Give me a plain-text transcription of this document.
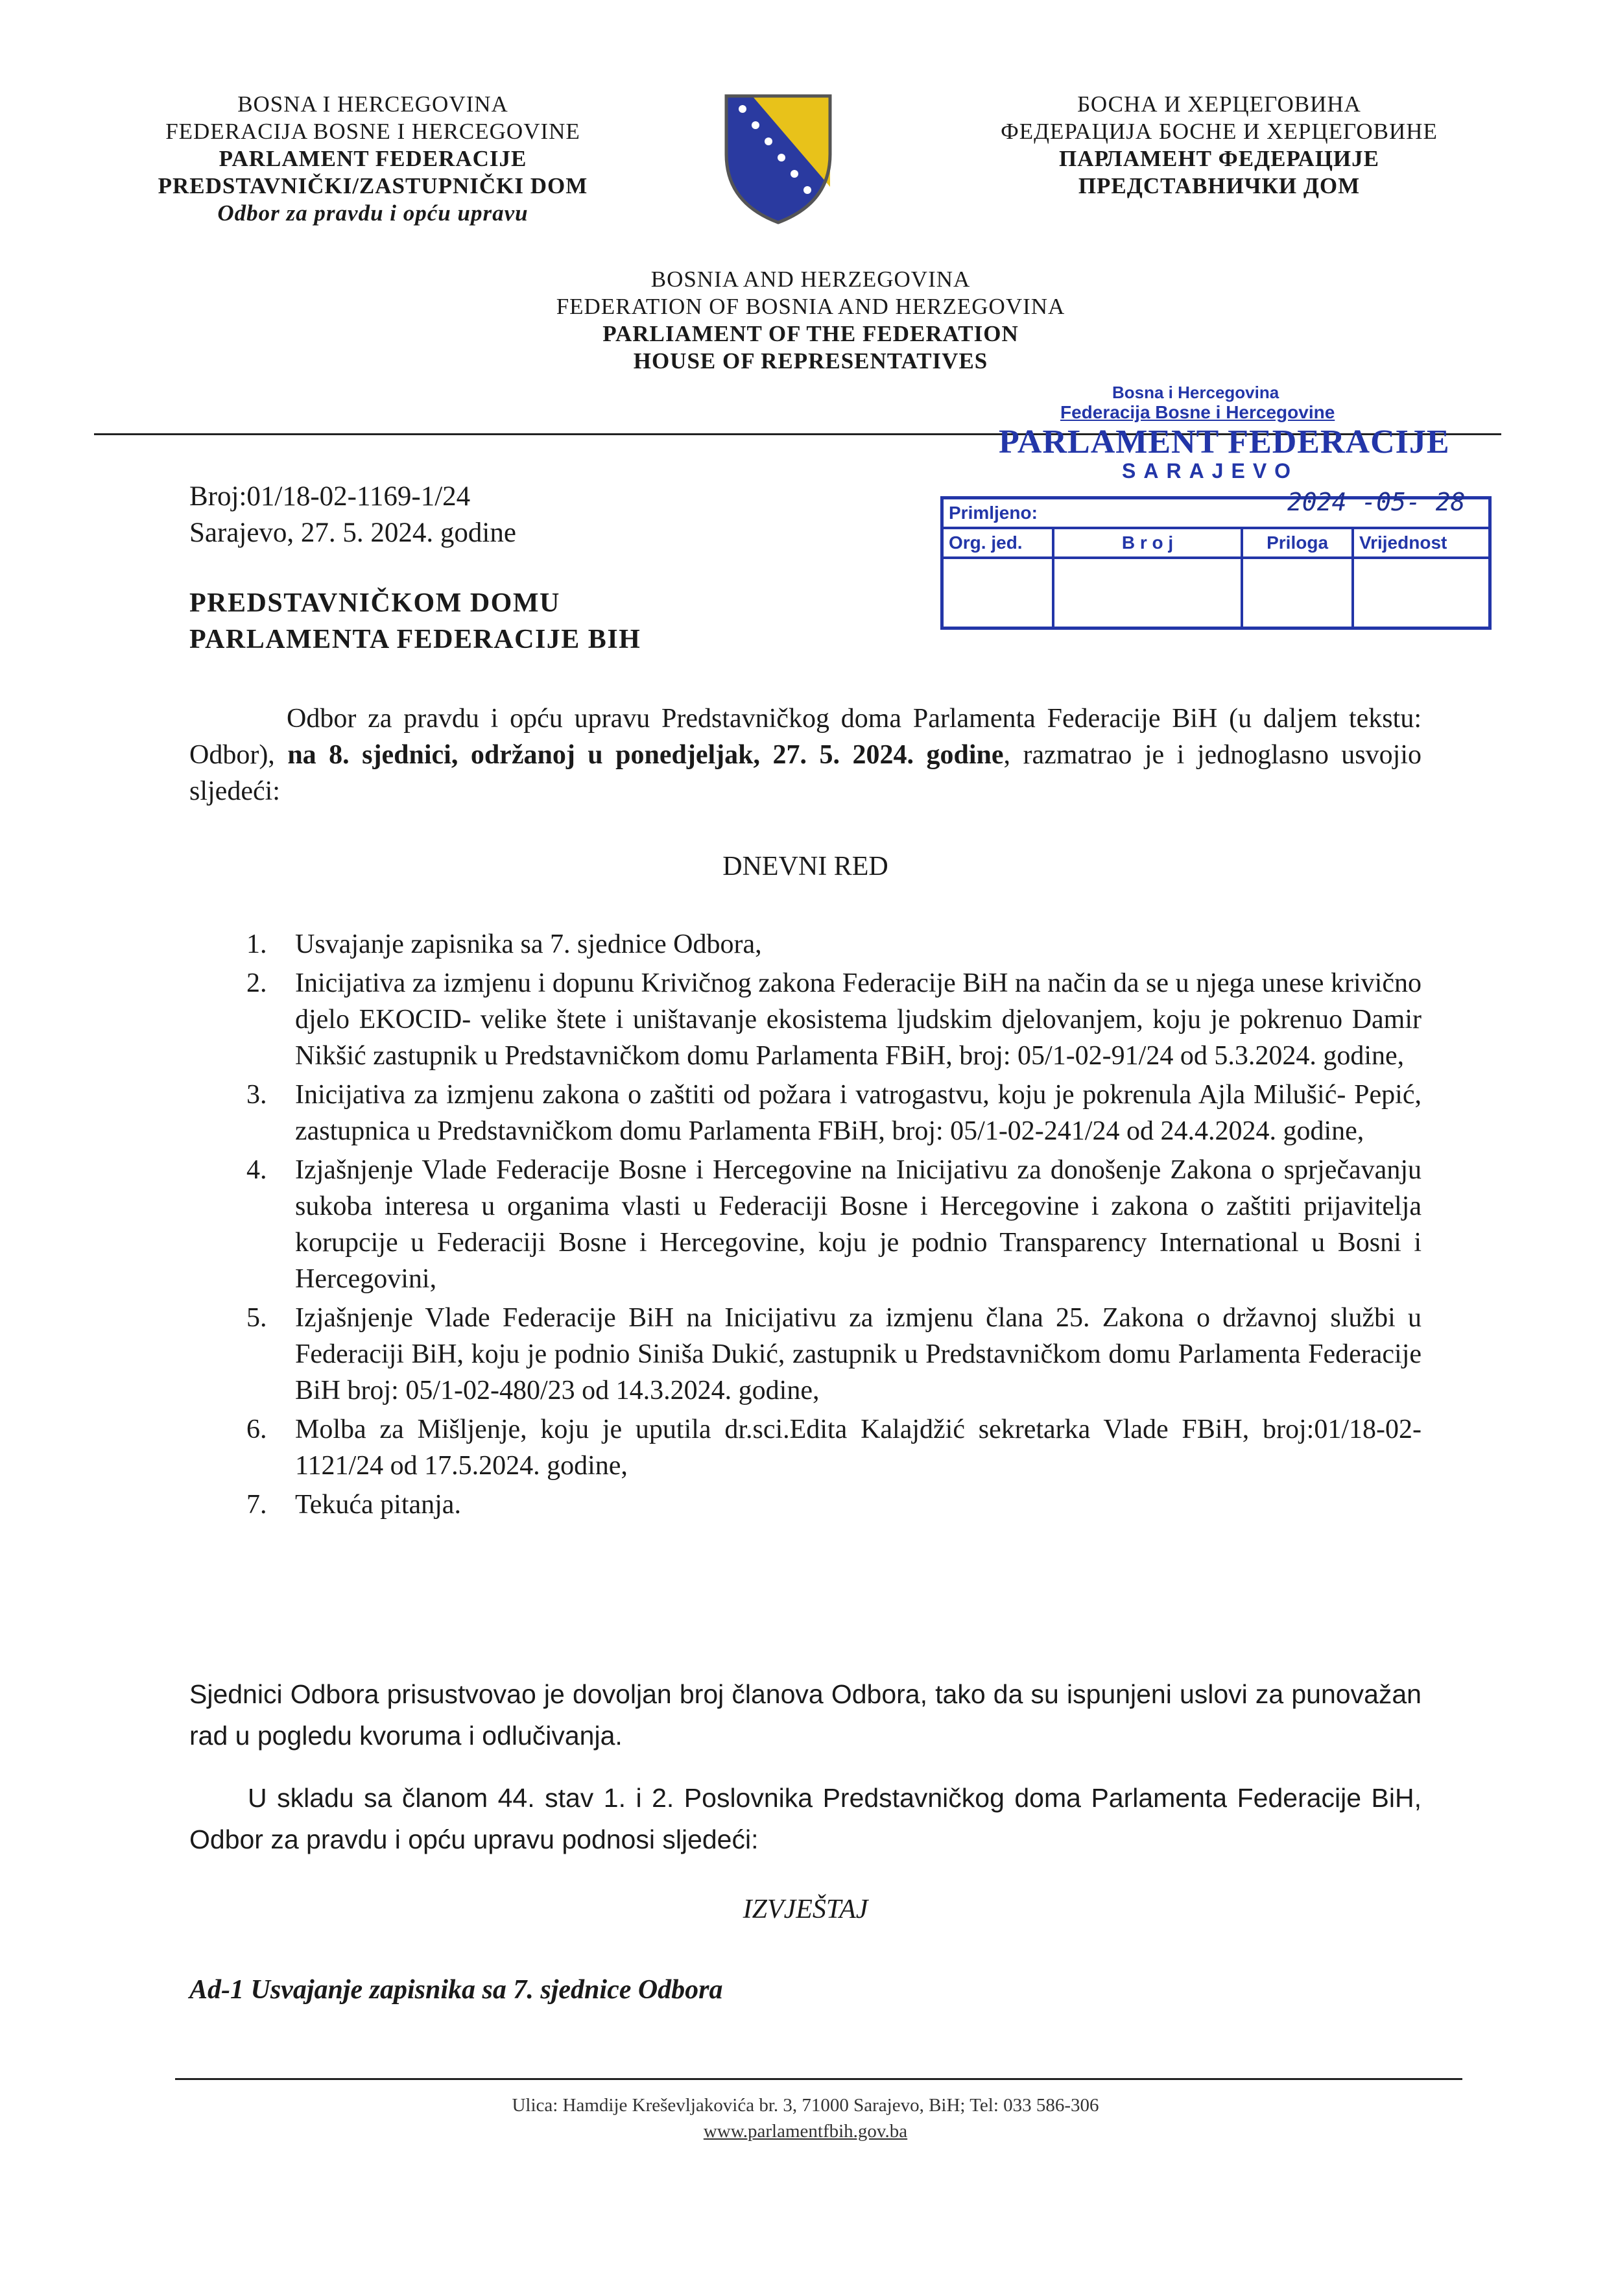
BOSNA I HERCEGOVINA
FEDERACIJA BOSNE I HERCEGOVINE
PARLAMENT FEDERACIJE
PREDSTAVNIČKI/ZASTUPNIČKI DOM
Odbor za pravdu i opću upravu
БОСНА И ХЕРЦЕГОВИНА
ФЕДЕРАЦИЈА БОСНЕ И ХЕРЦЕГОВИНЕ
ПАРЛАМЕНТ ФЕДЕРАЦИЈЕ
ПРЕДСТАВНИЧКИ ДОМ
BOSNIA AND HERZEGOVINA
FEDERATION OF BOSNIA AND HERZEGOVINA
PARLIAMENT OF THE FEDERATION
HOUSE OF REPRESENTATIVES
Bosna i Hercegovina
Federacija Bosne i Hercegovine
PARLAMENT FEDERACIJE
SARAJEVO
Primljeno:			
Org. jed.	B r o j	Priloga	Vrijednost

2024 -05- 28
Broj:01/18-02-1169-1/24
Sarajevo, 27. 5. 2024. godine
PREDSTAVNIČKOM DOMU
PARLAMENTA FEDERACIJE BIH
Odbor za pravdu i opću upravu Predstavničkog doma Parlamenta Federacije BiH (u daljem tekstu: Odbor), na 8. sjednici, održanoj u ponedjeljak, 27. 5. 2024. godine, razmatrao je i jednoglasno usvojio sljedeći:
DNEVNI RED
1. Usvajanje zapisnika sa 7. sjednice Odbora,
2. Inicijativa za izmjenu i dopunu Krivičnog zakona Federacije BiH na način da se u njega unese krivično djelo EKOCID- velike štete i uništavanje ekosistema ljudskim djelovanjem, koju je pokrenuo Damir Nikšić zastupnik u Predstavničkom domu Parlamenta FBiH, broj: 05/1-02-91/24 od 5.3.2024. godine,
3. Inicijativa za izmjenu zakona o zaštiti od požara i vatrogastvu, koju je pokrenula Ajla Milušić- Pepić, zastupnica u Predstavničkom domu Parlamenta FBiH, broj: 05/1-02-241/24 od 24.4.2024. godine,
4. Izjašnjenje Vlade Federacije Bosne i Hercegovine na Inicijativu za donošenje Zakona o sprječavanju sukoba interesa u organima vlasti u Federaciji Bosne i Hercegovine i zakona o zaštiti prijavitelja korupcije u Federaciji Bosne i Hercegovine, koju je podnio Transparency International u Bosni i Hercegovini,
5. Izjašnjenje Vlade Federacije BiH na Inicijativu za izmjenu člana 25. Zakona o državnoj službi u Federaciji BiH, koju je podnio Siniša Dukić, zastupnik u Predstavničkom domu Parlamenta Federacije BiH broj: 05/1-02-480/23 od 14.3.2024. godine,
6. Molba za Mišljenje, koju je uputila dr.sci.Edita Kalajdžić sekretarka Vlade FBiH, broj:01/18-02-1121/24 od 17.5.2024. godine,
7. Tekuća pitanja.
Sjednici Odbora prisustvovao je dovoljan broj članova Odbora, tako da su ispunjeni uslovi za punovažan rad u pogledu kvoruma i odlučivanja.
U skladu sa članom 44. stav 1. i 2. Poslovnika Predstavničkog doma Parlamenta Federacije BiH, Odbor za pravdu i opću upravu podnosi sljedeći:
IZVJEŠTAJ
Ad-1 Usvajanje zapisnika sa 7. sjednice Odbora
Ulica: Hamdije Kreševljakovića br. 3, 71000 Sarajevo, BiH; Tel: 033 586-306
www.parlamentfbih.gov.ba
